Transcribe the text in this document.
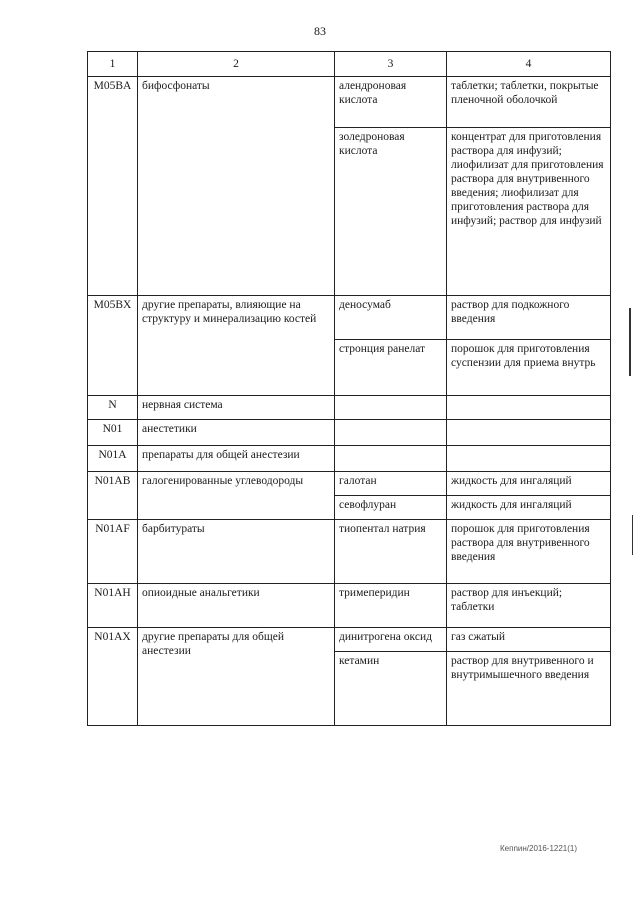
83
1	2	3	4
M05BA	бифосфонаты	алендроновая кислота	таблетки; таблетки, покрытые пленочной оболочкой
		золедроновая кислота	концентрат для приготовления раствора для инфузий; лиофилизат для приготовления раствора для внутривенного введения; лиофилизат для приготовления раствора для инфузий; раствор для инфузий
M05BX	другие препараты, влияющие на структуру и минерализацию костей	деносумаб	раствор для подкожного введения
		стронция ранелат	порошок для приготовления суспензии для приема внутрь
N	нервная система		
N01	анестетики		
N01A	препараты для общей анестезии		
N01AB	галогенированные углеводороды	галотан	жидкость для ингаляций
		севофлуран	жидкость для ингаляций
N01AF	барбитураты	тиопентал натрия	порошок для приготовления раствора для внутривенного введения
N01AH	опиоидные анальгетики	тримеперидин	раствор для инъекций; таблетки
N01AX	другие препараты для общей анестезии	динитрогена оксид	газ сжатый
		кетамин	раствор для внутривенного и внутримышечного введения
Кепnин/2016-1221(1)
